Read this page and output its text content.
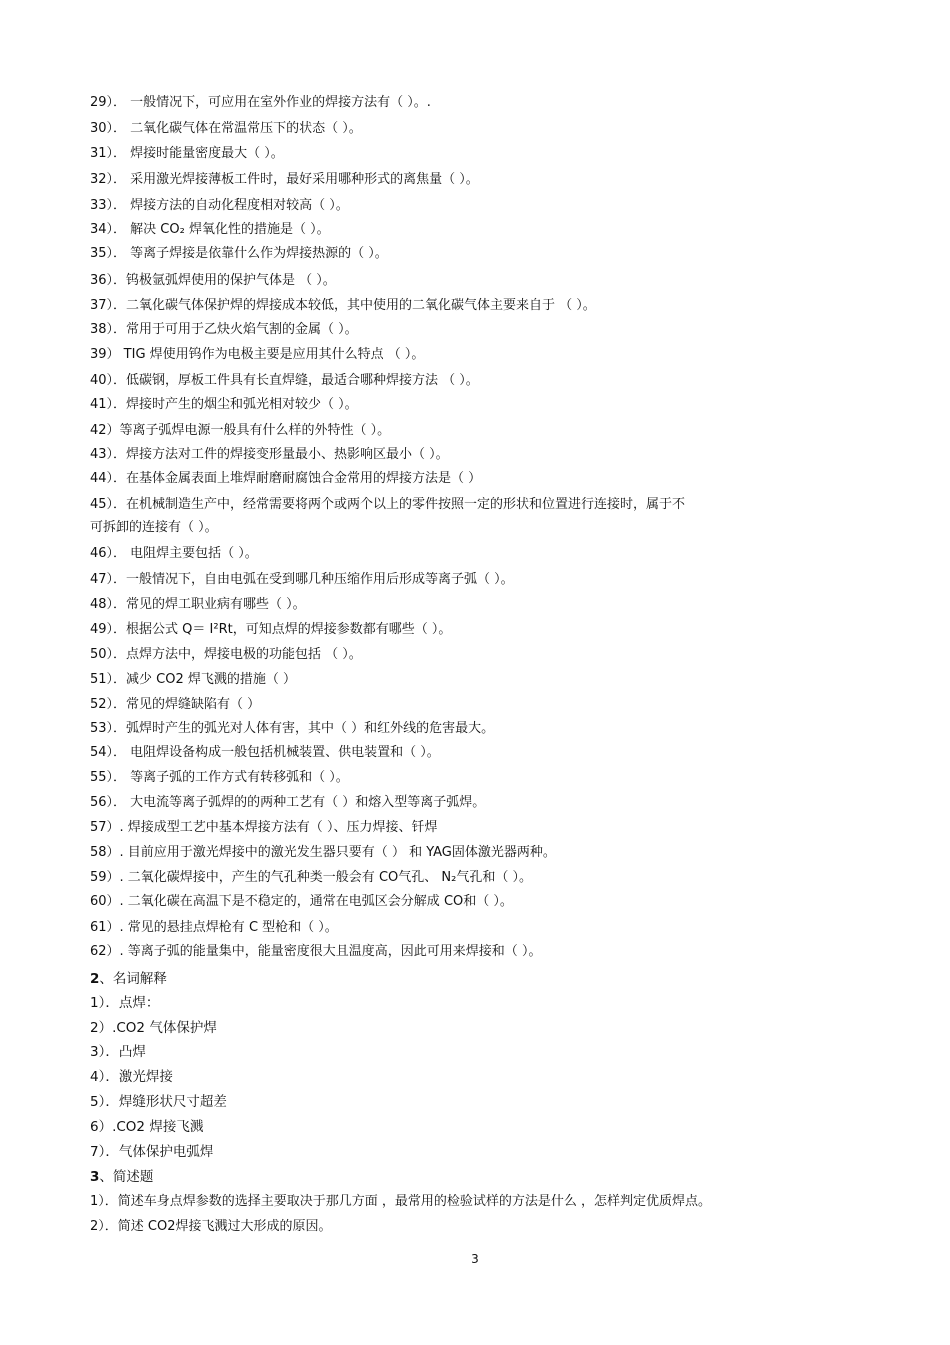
29）． 一般情况下，可应用在室外作业的焊接方法有（ ）。.
30）． 二氧化碳气体在常温常压下的状态（ ）。
31）． 焊接时能量密度最大（ ）。
32）． 采用激光焊接薄板工件时，最好采用哪种形式的离焦量（ ）。
33）． 焊接方法的自动化程度相对较高（ ）。
34）． 解决 CO₂ 焊氧化性的措施是（ ）。
35）． 等离子焊接是依靠什么作为焊接热源的（ ）。
36）．钨极氩弧焊使用的保护气体是 （ ）。
37）．二氧化碳气体保护焊的焊接成本较低，其中使用的二氧化碳气体主要来自于 （ ）。
38）．常用于可用于乙炔火焰气割的金属（ ）。
39） TIG 焊使用钨作为电极主要是应用其什么特点 （ ）。
40）．低碳钢，厚板工件具有长直焊缝，最适合哪种焊接方法 （ ）。
41）．焊接时产生的烟尘和弧光相对较少（ ）。
42）等离子弧焊电源一般具有什么样的外特性（ ）。
43）．焊接方法对工件的焊接变形量最小、热影响区最小（ ）。
44）．在基体金属表面上堆焊耐磨耐腐蚀合金常用的焊接方法是（ ）
45）．在机械制造生产中，经常需要将两个或两个以上的零件按照一定的形状和位置进行连接时，属于不
可拆卸的连接有（ ）。
46）． 电阻焊主要包括（ ）。
47）．一般情况下，自由电弧在受到哪几种压缩作用后形成等离子弧（ ）。
48）．常见的焊工职业病有哪些（ ）。
49）．根据公式 Q＝ I²Rt，可知点焊的焊接参数都有哪些（ ）。
50）．点焊方法中，焊接电极的功能包括 （ ）。
51）．减少 CO2 焊飞溅的措施（ ）
52）．常见的焊缝缺陷有（ ）
53）．弧焊时产生的弧光对人体有害，其中（ ）和红外线的危害最大。
54）． 电阻焊设备构成一般包括机械装置、供电装置和（ ）。
55）． 等离子弧的工作方式有转移弧和（ ）。
56）． 大电流等离子弧焊的的两种工艺有（ ）和熔入型等离子弧焊。
57）. 焊接成型工艺中基本焊接方法有（ ）、压力焊接、钎焊
58）. 目前应用于激光焊接中的激光发生器只要有（ ） 和 YAG固体激光器两种。
59）. 二氧化碳焊接中，产生的气孔种类一般会有 CO气孔、 N₂气孔和（ ）。
60）. 二氧化碳在高温下是不稳定的，通常在电弧区会分解成 CO和（ ）。
61）. 常见的悬挂点焊枪有 C 型枪和（ ）。
62）. 等离子弧的能量集中，能量密度很大且温度高，因此可用来焊接和（ ）。
2、名词解释
1）．点焊：
2）.CO2 气体保护焊
3）．凸焊
4）．激光焊接
5）．焊缝形状尺寸超差
6）.CO2 焊接飞溅
7）．气体保护电弧焊
3、简述题
1）．简述车身点焊参数的选择主要取决于那几方面 ，最常用的检验试样的方法是什么 ，怎样判定优质焊点。
2）．简述 CO2焊接飞溅过大形成的原因。
3
